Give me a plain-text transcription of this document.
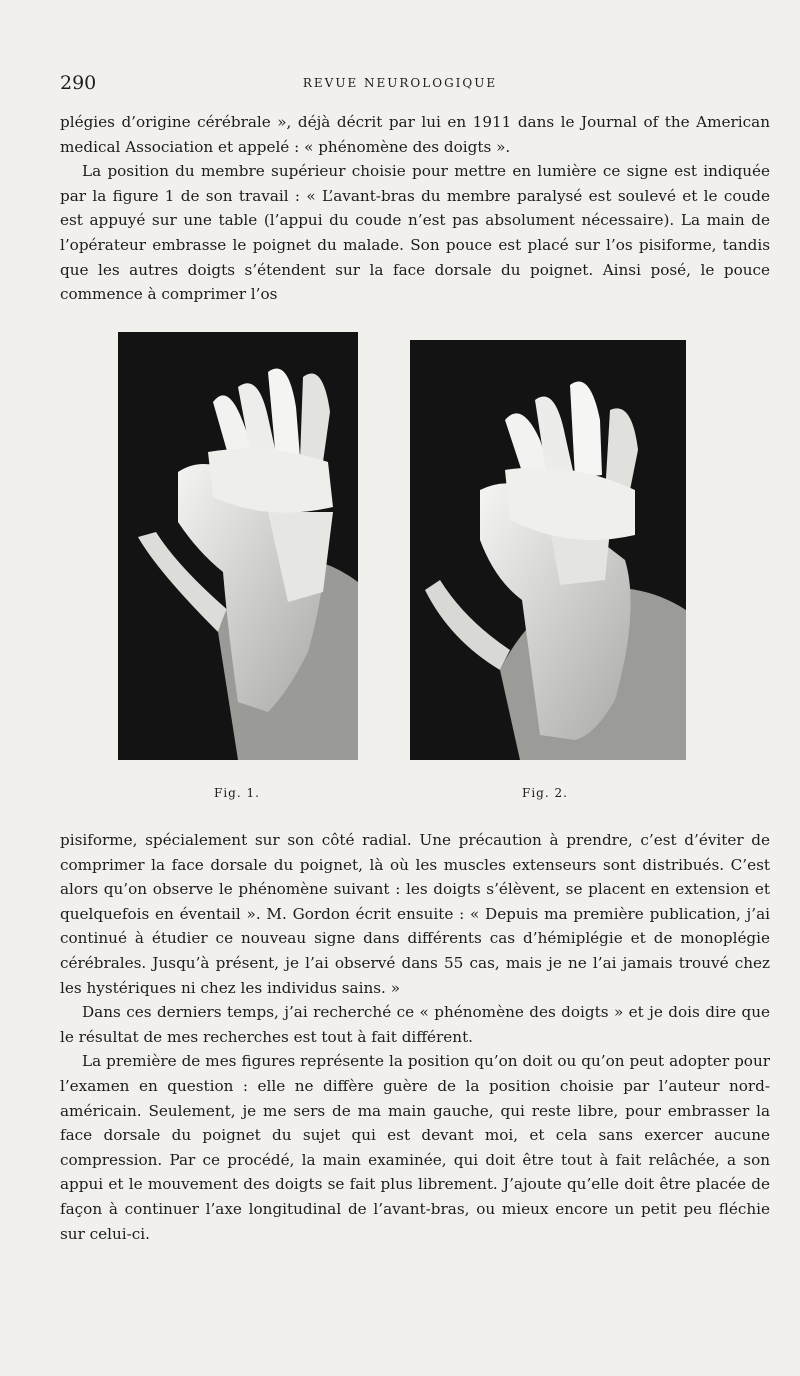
290	REVUE NEUROLOGIQUE

plégies d’origine cérébrale », déjà décrit par lui en 1911 dans le Journal of the American medical Association et appelé : « phénomène des doigts ».

La position du membre supérieur choisie pour mettre en lumière ce signe est indiquée par la figure 1 de son travail : « L’avant-bras du membre paralysé est soulevé et le coude est appuyé sur une table (l’appui du coude n’est pas absolument nécessaire). La main de l’opérateur embrasse le poignet du malade. Son pouce est placé sur l’os pisiforme, tandis que les autres doigts s’étendent sur la face dorsale du poignet. Ainsi posé, le pouce commence à comprimer l’os

Fig. 1.	Fig. 2.

pisiforme, spécialement sur son côté radial. Une précaution à prendre, c’est d’éviter de comprimer la face dorsale du poignet, là où les muscles extenseurs sont distribués. C’est alors qu’on observe le phénomène suivant : les doigts s’élèvent, se placent en extension et quelquefois en éventail ». M. Gordon écrit ensuite : « Depuis ma première publication, j’ai continué à étudier ce nouveau signe dans différents cas d’hémiplégie et de monoplégie cérébrales. Jusqu’à présent, je l’ai observé dans 55 cas, mais je ne l’ai jamais trouvé chez les hystériques ni chez les individus sains. »

Dans ces derniers temps, j’ai recherché ce « phénomène des doigts » et je dois dire que le résultat de mes recherches est tout à fait différent.

La première de mes figures représente la position qu’on doit ou qu’on peut adopter pour l’examen en question : elle ne diffère guère de la position choisie par l’auteur nord-américain. Seulement, je me sers de ma main gauche, qui reste libre, pour embrasser la face dorsale du poignet du sujet qui est devant moi, et cela sans exercer aucune compression. Par ce procédé, la main examinée, qui doit être tout à fait relâchée, a son appui et le mouvement des doigts se fait plus librement. J’ajoute qu’elle doit être placée de façon à continuer l’axe longitudinal de l’avant-bras, ou mieux encore un petit peu fléchie sur celui-ci.
